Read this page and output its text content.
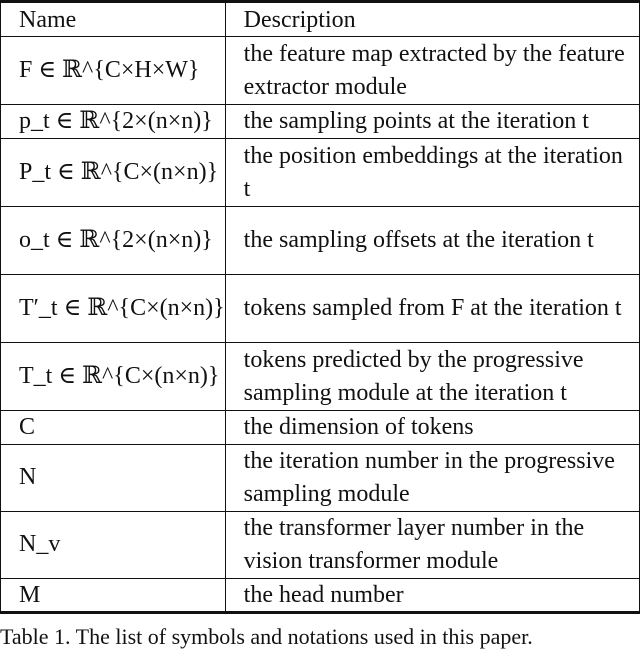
Name	Description
F ∈ ℝ^{C×H×W}	the feature map extracted by the feature extractor module
p_t ∈ ℝ^{2×(n×n)}	the sampling points at the iteration t
P_t ∈ ℝ^{C×(n×n)}	the position embeddings at the iteration t
o_t ∈ ℝ^{2×(n×n)}	the sampling offsets at the iteration t
T′_t ∈ ℝ^{C×(n×n)}	tokens sampled from F at the iteration t
T_t ∈ ℝ^{C×(n×n)}	tokens predicted by the progressive sampling module at the iteration t
C	the dimension of tokens
N	the iteration number in the progressive sampling module
N_v	the transformer layer number in the vision transformer module
M	the head number
Table 1. The list of symbols and notations used in this paper.
